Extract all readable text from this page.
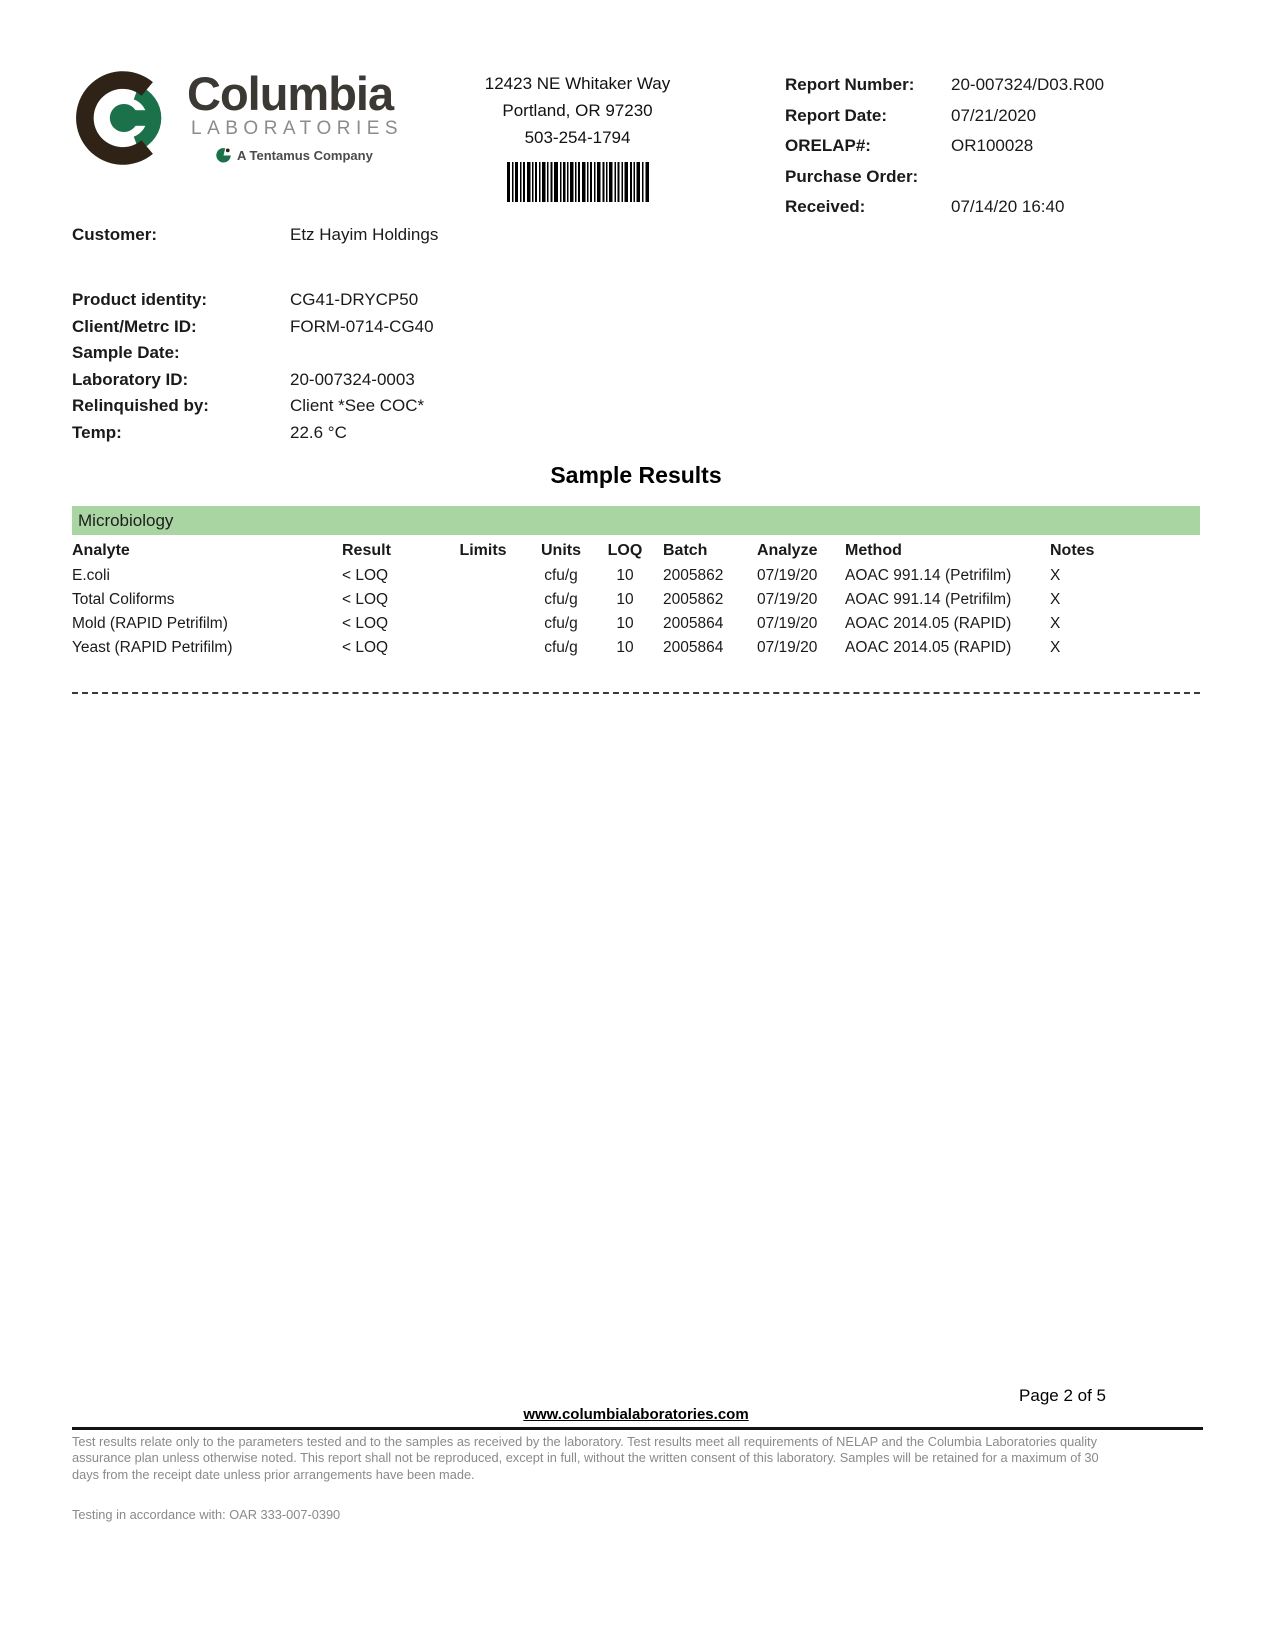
Columbia
LABORATORIES
A Tentamus Company
12423 NE Whitaker Way
Portland, OR 97230
503-254-1794
Report Number:	20-007324/D03.R00
Report Date:	07/21/2020
ORELAP#:	OR100028
Purchase Order:
Received:	07/14/20 16:40
Customer:	Etz Hayim Holdings
Product identity:	CG41-DRYCP50
Client/Metrc ID:	FORM-0714-CG40
Sample Date:
Laboratory ID:	20-007324-0003
Relinquished by:	Client *See COC*
Temp:	22.6 °C
Sample Results
Microbiology
Analyte	Result	Limits	Units	LOQ	Batch	Analyze	Method	Notes
E.coli	< LOQ		cfu/g	10	2005862	07/19/20	AOAC 991.14 (Petrifilm)	X
Total Coliforms	< LOQ		cfu/g	10	2005862	07/19/20	AOAC 991.14 (Petrifilm)	X
Mold (RAPID Petrifilm)	< LOQ		cfu/g	10	2005864	07/19/20	AOAC 2014.05 (RAPID)	X
Yeast (RAPID Petrifilm)	< LOQ		cfu/g	10	2005864	07/19/20	AOAC 2014.05 (RAPID)	X
Page 2 of 5
www.columbialaboratories.com
Test results relate only to the parameters tested and to the samples as received by the laboratory. Test results meet all requirements of NELAP and the Columbia Laboratories quality assurance plan unless otherwise noted. This report shall not be reproduced, except in full, without the written consent of this laboratory. Samples will be retained for a maximum of 30 days from the receipt date unless prior arrangements have been made.
Testing in accordance with: OAR 333-007-0390
